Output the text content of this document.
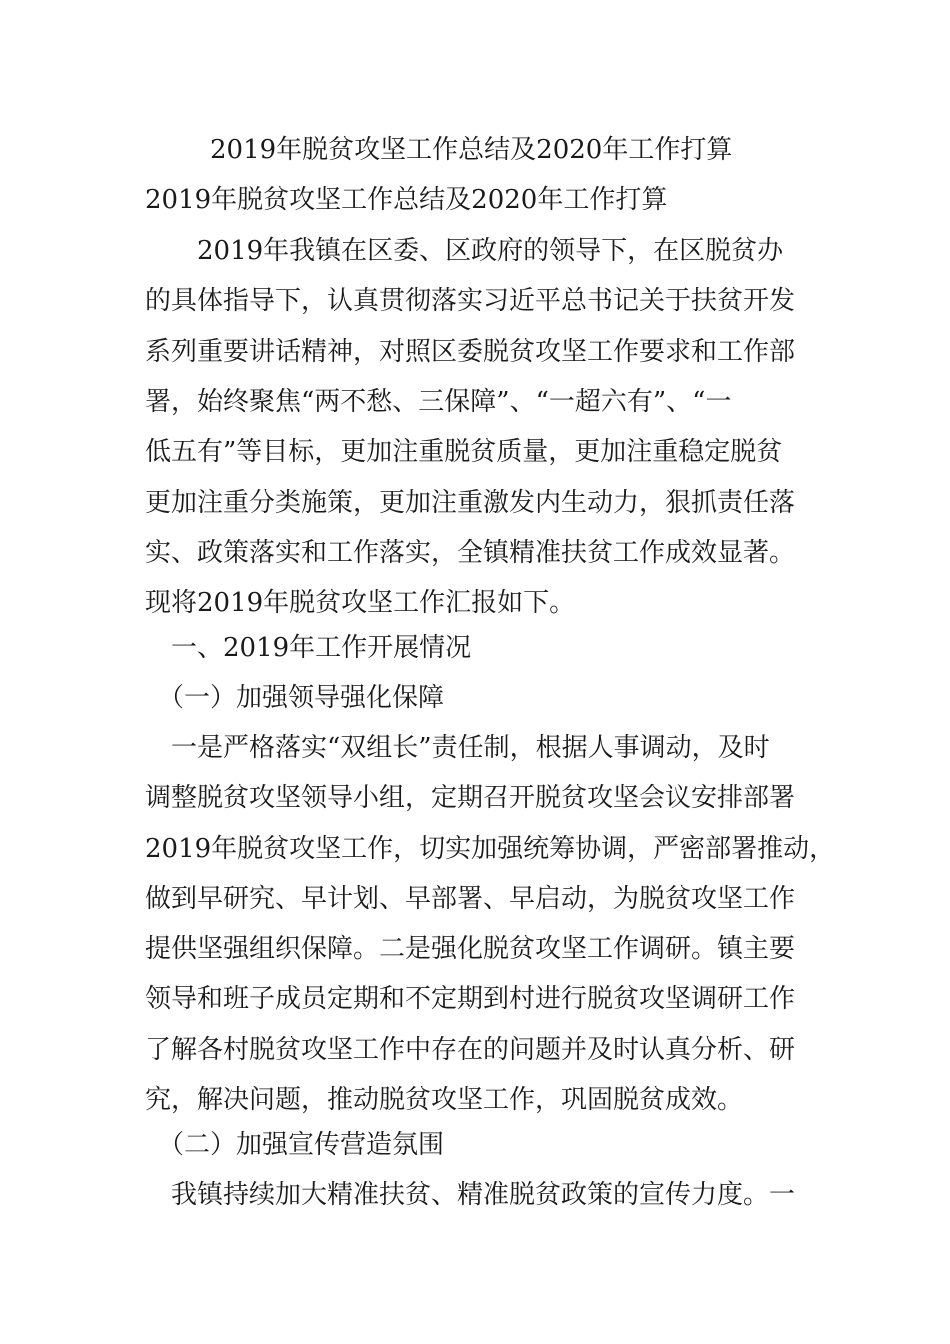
2019年脱贫攻坚工作总结及2020年工作打算
2019年脱贫攻坚工作总结及2020年工作打算
　　2019年我镇在区委、区政府的领导下，在区脱贫办
的具体指导下，认真贯彻落实习近平总书记关于扶贫开发
系列重要讲话精神，对照区委脱贫攻坚工作要求和工作部
署，始终聚焦“两不愁、三保障”、“一超六有”、“一
低五有”等目标，更加注重脱贫质量，更加注重稳定脱贫
更加注重分类施策，更加注重激发内生动力，狠抓责任落
实、政策落实和工作落实，全镇精准扶贫工作成效显著。
现将2019年脱贫攻坚工作汇报如下。
　一、2019年工作开展情况
　（一）加强领导强化保障
　一是严格落实“双组长”责任制，根据人事调动，及时
调整脱贫攻坚领导小组，定期召开脱贫攻坚会议安排部署
2019年脱贫攻坚工作，切实加强统筹协调，严密部署推动，
做到早研究、早计划、早部署、早启动，为脱贫攻坚工作
提供坚强组织保障。二是强化脱贫攻坚工作调研。镇主要
领导和班子成员定期和不定期到村进行脱贫攻坚调研工作
了解各村脱贫攻坚工作中存在的问题并及时认真分析、研
究，解决问题，推动脱贫攻坚工作，巩固脱贫成效。
　（二）加强宣传营造氛围
　我镇持续加大精准扶贫、精准脱贫政策的宣传力度。一
